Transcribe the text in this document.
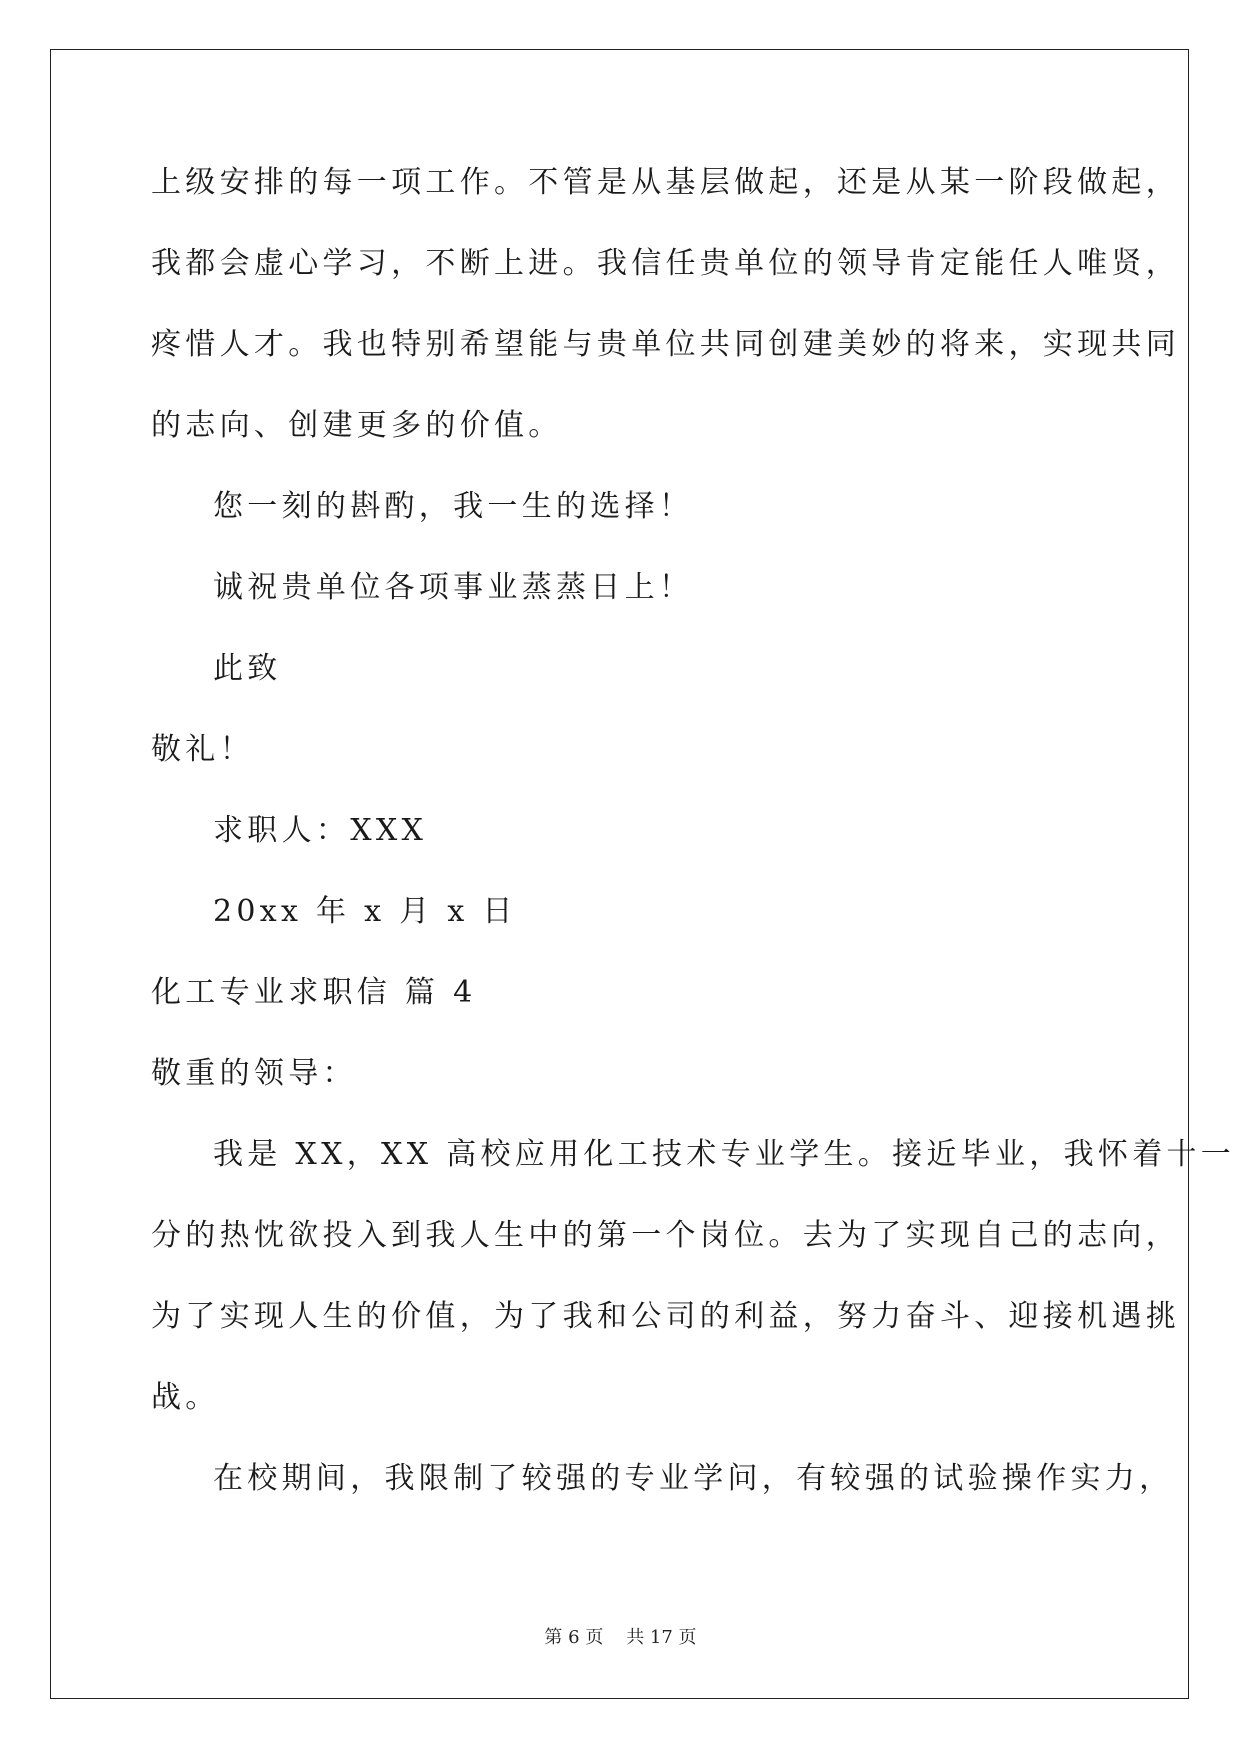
上级安排的每一项工作。不管是从基层做起，还是从某一阶段做起，
我都会虚心学习，不断上进。我信任贵单位的领导肯定能任人唯贤，
疼惜人才。我也特别希望能与贵单位共同创建美妙的将来，实现共同
的志向、创建更多的价值。
您一刻的斟酌，我一生的选择！
诚祝贵单位各项事业蒸蒸日上！
此致
敬礼！
求职人：XXX
20xx 年 x 月 x 日
化工专业求职信 篇 4
敬重的领导：
我是 XX，XX 高校应用化工技术专业学生。接近毕业，我怀着十一
分的热忱欲投入到我人生中的第一个岗位。去为了实现自己的志向，
为了实现人生的价值，为了我和公司的利益，努力奋斗、迎接机遇挑
战。
在校期间，我限制了较强的专业学问，有较强的试验操作实力，
第 6 页    共 17 页
